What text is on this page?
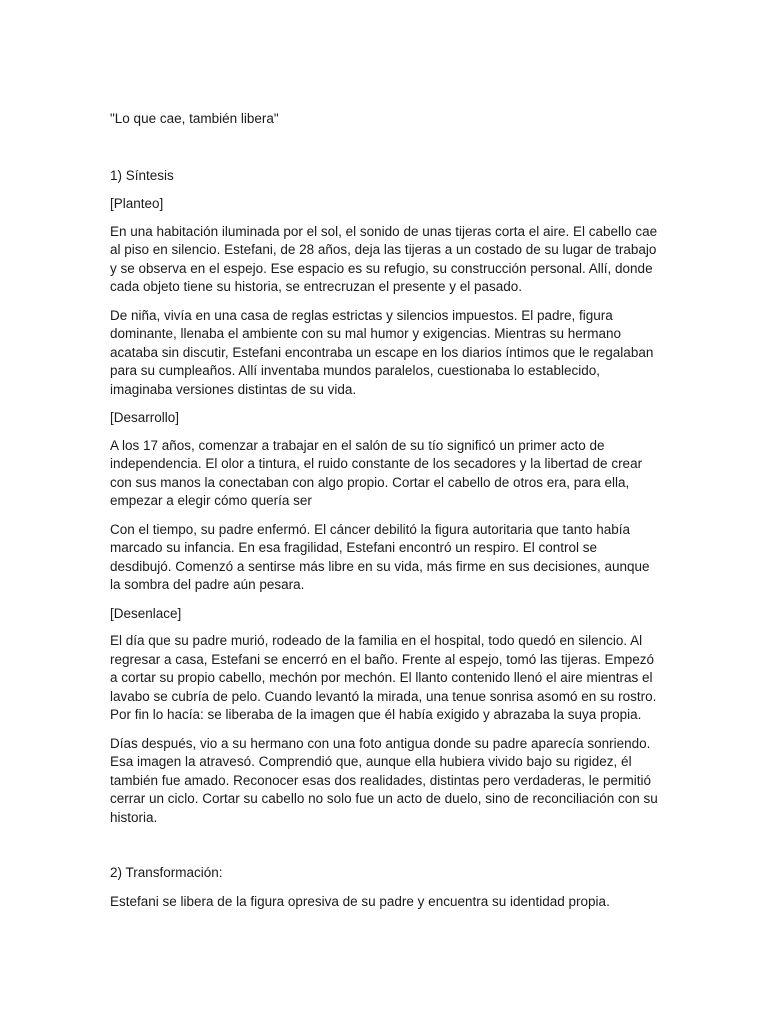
"Lo que cae, también libera"

1) Síntesis

[Planteo]

En una habitación iluminada por el sol, el sonido de unas tijeras corta el aire. El cabello cae al piso en silencio. Estefani, de 28 años, deja las tijeras a un costado de su lugar de trabajo y se observa en el espejo. Ese espacio es su refugio, su construcción personal. Allí, donde cada objeto tiene su historia, se entrecruzan el presente y el pasado.

De niña, vivía en una casa de reglas estrictas y silencios impuestos. El padre, figura dominante, llenaba el ambiente con su mal humor y exigencias. Mientras su hermano acataba sin discutir, Estefani encontraba un escape en los diarios íntimos que le regalaban para su cumpleaños. Allí inventaba mundos paralelos, cuestionaba lo establecido, imaginaba versiones distintas de su vida.

[Desarrollo]

A los 17 años, comenzar a trabajar en el salón de su tío significó un primer acto de independencia. El olor a tintura, el ruido constante de los secadores y la libertad de crear con sus manos la conectaban con algo propio. Cortar el cabello de otros era, para ella, empezar a elegir cómo quería ser

Con el tiempo, su padre enfermó. El cáncer debilitó la figura autoritaria que tanto había marcado su infancia. En esa fragilidad, Estefani encontró un respiro. El control se desdibujó. Comenzó a sentirse más libre en su vida, más firme en sus decisiones, aunque la sombra del padre aún pesara.

[Desenlace]

El día que su padre murió, rodeado de la familia en el hospital, todo quedó en silencio. Al regresar a casa, Estefani se encerró en el baño. Frente al espejo, tomó las tijeras. Empezó a cortar su propio cabello, mechón por mechón. El llanto contenido llenó el aire mientras el lavabo se cubría de pelo. Cuando levantó la mirada, una tenue sonrisa asomó en su rostro. Por fin lo hacía: se liberaba de la imagen que él había exigido y abrazaba la suya propia.

Días después, vio a su hermano con una foto antigua donde su padre aparecía sonriendo. Esa imagen la atravesó. Comprendió que, aunque ella hubiera vivido bajo su rigidez, él también fue amado. Reconocer esas dos realidades, distintas pero verdaderas, le permitió cerrar un ciclo. Cortar su cabello no solo fue un acto de duelo, sino de reconciliación con su historia.

2) Transformación:

Estefani se libera de la figura opresiva de su padre y encuentra su identidad propia.
